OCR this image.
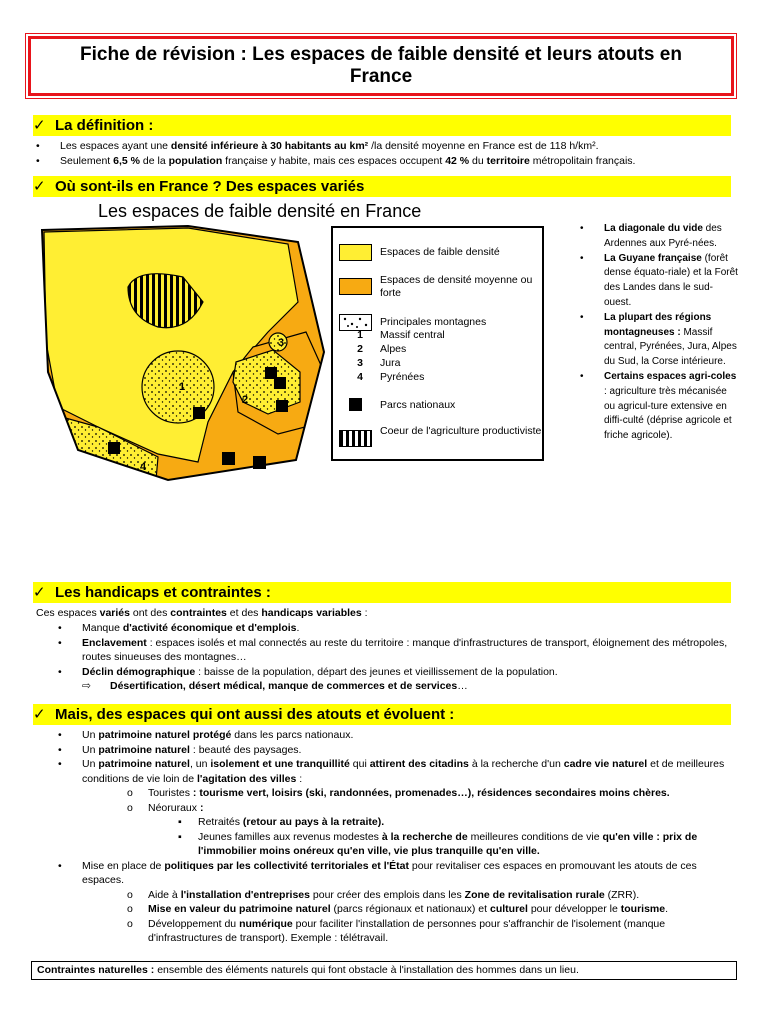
Fiche de révision : Les espaces de faible densité et leurs atouts en France
✓ La définition :
• Les espaces ayant une densité inférieure à 30 habitants au km² /la densité moyenne en France est de 118 h/km².
• Seulement 6,5 % de la population française y habite, mais ces espaces occupent 42 % du territoire métropolitain français.
✓ Où sont-ils en France ? Des espaces variés
Les espaces de faible densité en France
1
2
3
4
Espaces de faible densité
Espaces de densité moyenne ou forte
Principales montagnes
1	Massif central
2	Alpes
3	Jura
4	Pyrénées
Parcs nationaux
Coeur de l'agriculture productiviste
• La diagonale du vide des Ardennes aux Pyré-nées.
• La Guyane française (forêt dense équato-riale) et la Forêt des Landes dans le sud-ouest.
• La plupart des régions montagneuses : Massif central, Pyrénées, Jura, Alpes du Sud, la Corse intérieure.
• Certains espaces agri-coles : agriculture très mécanisée ou agricul-ture extensive en diffi-culté (déprise agricole et friche agricole).
✓ Les handicaps et contraintes :
Ces espaces variés ont des contraintes et des handicaps variables :
• Manque d'activité économique et d'emplois.
• Enclavement : espaces isolés et mal connectés au reste du territoire : manque d'infrastructures de transport, éloignement des métropoles, routes sinueuses des montagnes…
• Déclin démographique : baisse de la population, départ des jeunes et vieillissement de la population.
⇨ Désertification, désert médical, manque de commerces et de services…
✓ Mais, des espaces qui ont aussi des atouts et évoluent :
• Un patrimoine naturel protégé dans les parcs nationaux.
• Un patrimoine naturel : beauté des paysages.
• Un patrimoine naturel, un isolement et une tranquillité qui attirent des citadins à la recherche d'un cadre vie naturel et de meilleures conditions de vie loin de l'agitation des villes :
o Touristes : tourisme vert, loisirs (ski, randonnées, promenades…), résidences secondaires moins chères.
o Néoruraux :
▪ Retraités (retour au pays à la retraite).
▪ Jeunes familles aux revenus modestes à la recherche de meilleures conditions de vie qu'en ville : prix de l'immobilier moins onéreux qu'en ville, vie plus tranquille qu'en ville.
• Mise en place de politiques par les collectivité territoriales et l'État pour revitaliser ces espaces en promouvant les atouts de ces espaces.
o Aide à l'installation d'entreprises pour créer des emplois dans les Zone de revitalisation rurale (ZRR).
o Mise en valeur du patrimoine naturel (parcs régionaux et nationaux) et culturel pour développer le tourisme.
o Développement du numérique pour faciliter l'installation de personnes pour s'affranchir de l'isolement (manque d'infrastructures de transport). Exemple : télétravail.
Contraintes naturelles : ensemble des éléments naturels qui font obstacle à l'installation des hommes dans un lieu.
